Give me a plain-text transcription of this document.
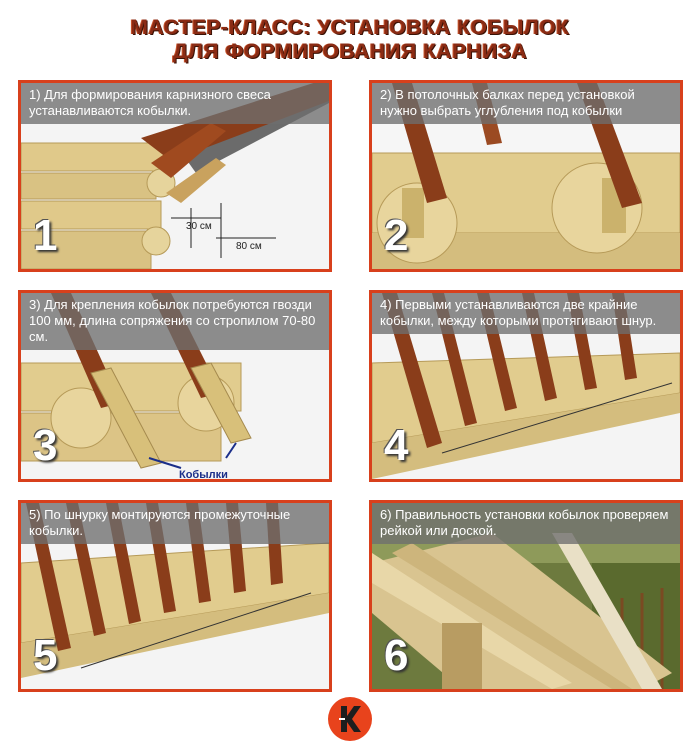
МАСТЕР-КЛАСС: УСТАНОВКА КОБЫЛОК
ДЛЯ ФОРМИРОВАНИЯ КАРНИЗА
1) Для формирования карнизного свеса устанавливаются кобылки.
30 см
80 см
1
2) В потолочных балках перед установкой нужно выбрать углубления под кобылки
2
3) Для крепления кобылок потребуются гвозди 100 мм, длина сопряжения со стропилом 70-80 см.
Кобылки
3
4) Первыми устанавливаются две крайние кобылки, между которыми протягивают шнур.
4
5) По шнурку монтируются промежуточные кобылки.
5
6) Правильность установки кобылок проверяем рейкой или доской.
6
